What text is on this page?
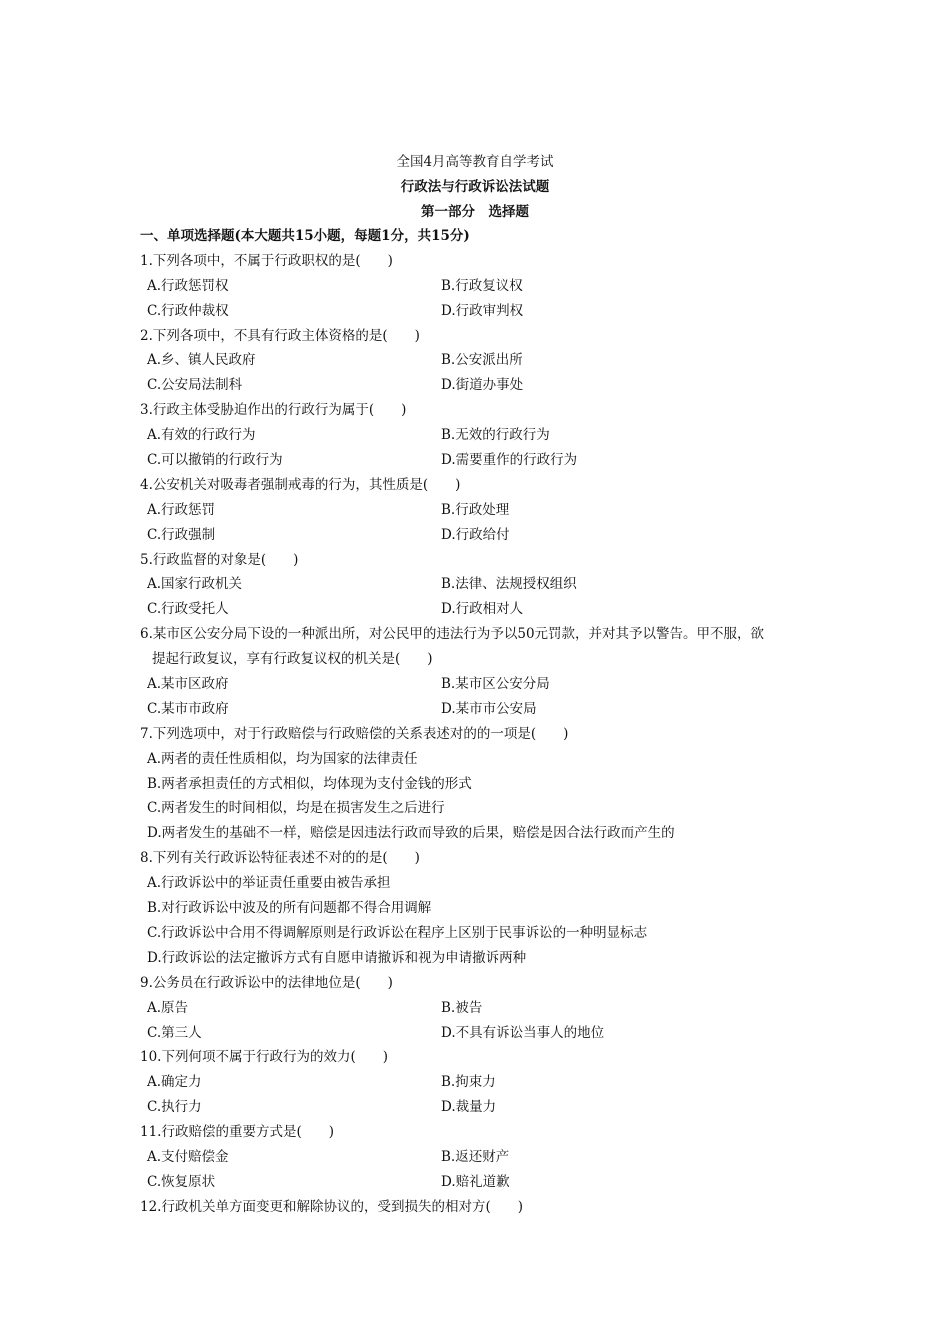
全国4月高等教育自学考试
行政法与行政诉讼法试题
第一部分　选择题
一、单项选择题(本大题共15小题，每题1分，共15分)
1.下列各项中，不属于行政职权的是(　　)
A.行政惩罚权	B.行政复议权
C.行政仲裁权	D.行政审判权
2.下列各项中，不具有行政主体资格的是(　　)
A.乡、镇人民政府	B.公安派出所
C.公安局法制科	D.街道办事处
3.行政主体受胁迫作出的行政行为属于(　　)
A.有效的行政行为	B.无效的行政行为
C.可以撤销的行政行为	D.需要重作的行政行为
4.公安机关对吸毒者强制戒毒的行为，其性质是(　　)
A.行政惩罚	B.行政处理
C.行政强制	D.行政给付
5.行政监督的对象是(　　)
A.国家行政机关	B.法律、法规授权组织
C.行政受托人	D.行政相对人
6.某市区公安分局下设的一种派出所，对公民甲的违法行为予以50元罚款，并对其予以警告。甲不服，欲
提起行政复议，享有行政复议权的机关是(　　)
A.某市区政府	B.某市区公安分局
C.某市市政府	D.某市市公安局
7.下列选项中，对于行政赔偿与行政赔偿的关系表述对的的一项是(　　)
A.两者的责任性质相似，均为国家的法律责任
B.两者承担责任的方式相似，均体现为支付金钱的形式
C.两者发生的时间相似，均是在损害发生之后进行
D.两者发生的基础不一样，赔偿是因违法行政而导致的后果，赔偿是因合法行政而产生的
8.下列有关行政诉讼特征表述不对的的是(　　)
A.行政诉讼中的举证责任重要由被告承担
B.对行政诉讼中波及的所有问题都不得合用调解
C.行政诉讼中合用不得调解原则是行政诉讼在程序上区别于民事诉讼的一种明显标志
D.行政诉讼的法定撤诉方式有自愿申请撤诉和视为申请撤诉两种
9.公务员在行政诉讼中的法律地位是(　　)
A.原告	B.被告
C.第三人	D.不具有诉讼当事人的地位
10.下列何项不属于行政行为的效力(　　)
A.确定力	B.拘束力
C.执行力	D.裁量力
11.行政赔偿的重要方式是(　　)
A.支付赔偿金	B.返还财产
C.恢复原状	D.赔礼道歉
12.行政机关单方面变更和解除协议的，受到损失的相对方(　　)
